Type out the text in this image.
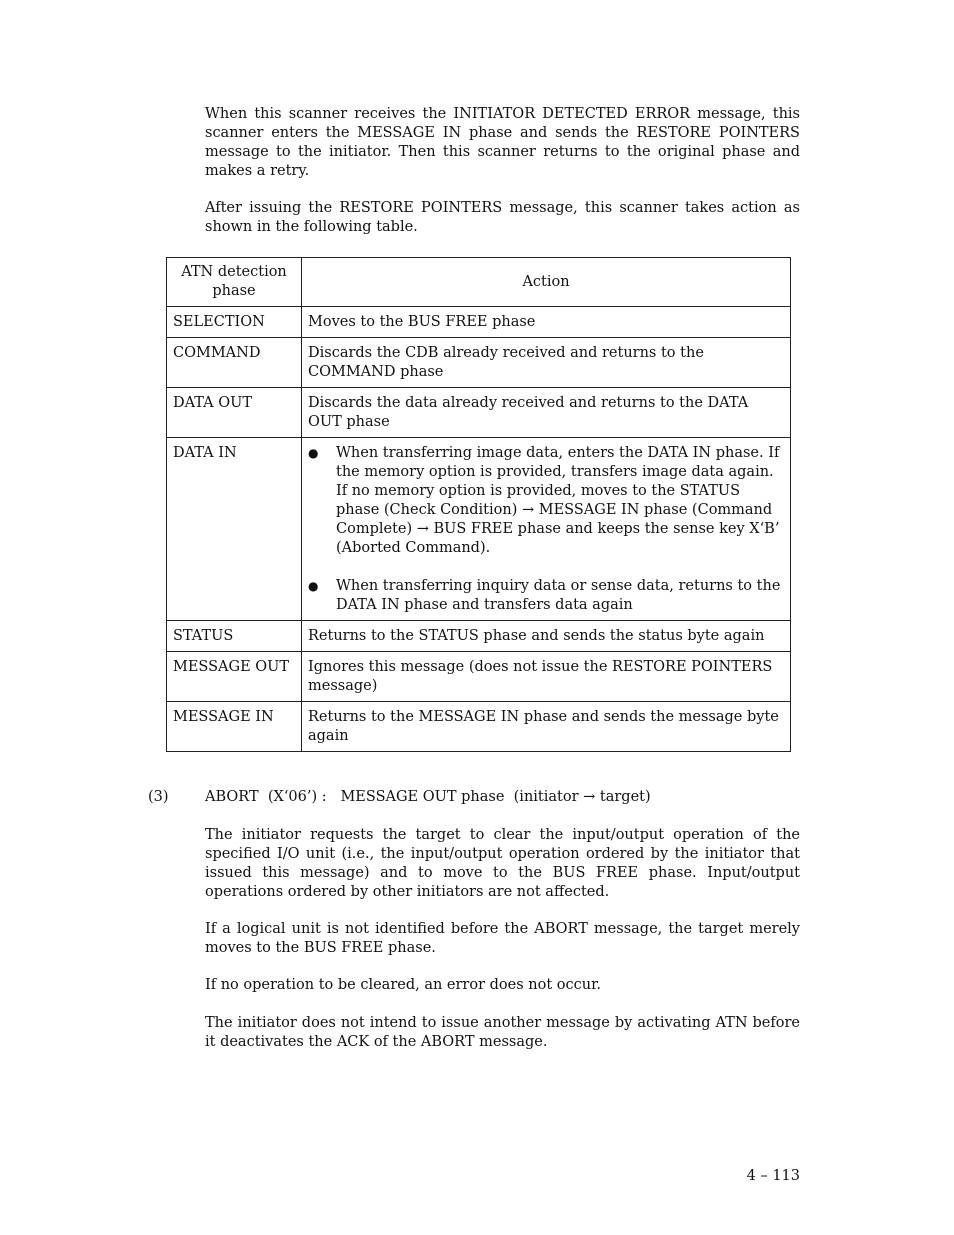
When this scanner receives the INITIATOR DETECTED ERROR message, this scanner enters the MESSAGE IN phase and sends the RESTORE POINTERS message to the initiator. Then this scanner returns to the original phase and makes a retry.

After issuing the RESTORE POINTERS message, this scanner takes action as shown in the following table.

ATN detection phase	Action
SELECTION	Moves to the BUS FREE phase
COMMAND	Discards the CDB already received and returns to the COMMAND phase
DATA OUT	Discards the data already received and returns to the DATA OUT phase
DATA IN	● When transferring image data, enters the DATA IN phase. If the memory option is provided, transfers image data again. If no memory option is provided, moves to the STATUS phase (Check Condition) → MESSAGE IN phase (Command Complete) → BUS FREE phase and keeps the sense key X‘B’ (Aborted Command).
● When transferring inquiry data or sense data, returns to the DATA IN phase and transfers data again

STATUS	Returns to the STATUS phase and sends the status byte again
MESSAGE OUT	Ignores this message (does not issue the RESTORE POINTERS message)
MESSAGE IN	Returns to the MESSAGE IN phase and sends the message byte again
(3)	ABORT  (X‘06’) :   MESSAGE OUT phase  (initiator → target)

The initiator requests the target to clear the input/output operation of the specified I/O unit (i.e., the input/output operation ordered by the initiator that issued this message) and to move to the BUS FREE phase. Input/output operations ordered by other initiators are not affected.

If a logical unit is not identified before the ABORT message, the target merely moves to the BUS FREE phase.

If no operation to be cleared, an error does not occur.

The initiator does not intend to issue another message by activating ATN before it deactivates the ACK of the ABORT message.

4 – 113
